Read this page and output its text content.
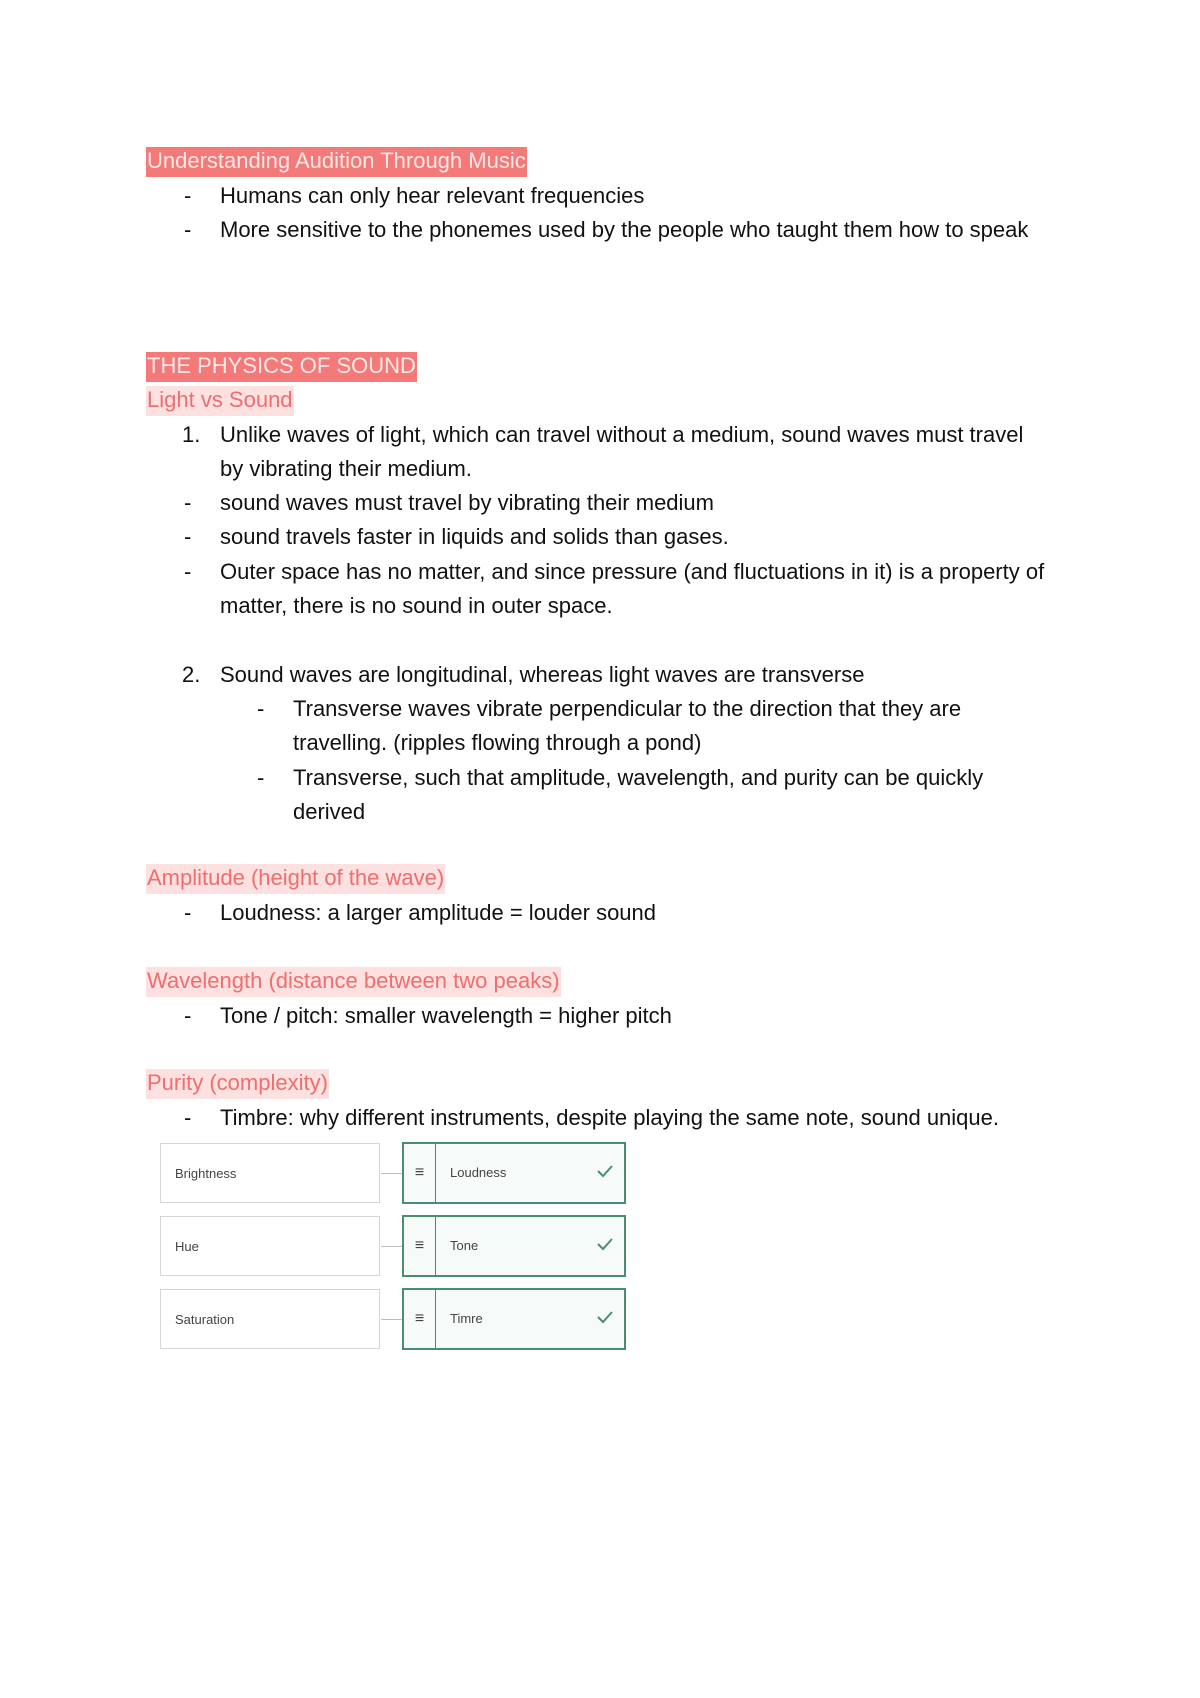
Understanding Audition Through Music
- Humans can only hear relevant frequencies
- More sensitive to the phonemes used by the people who taught them how to speak
THE PHYSICS OF SOUND
Light vs Sound
1. Unlike waves of light, which can travel without a medium, sound waves must travel
by vibrating their medium.
- sound waves must travel by vibrating their medium
- sound travels faster in liquids and solids than gases.
- Outer space has no matter, and since pressure (and fluctuations in it) is a property of
matter, there is no sound in outer space.
2. Sound waves are longitudinal, whereas light waves are transverse
- Transverse waves vibrate perpendicular to the direction that they are
travelling. (ripples flowing through a pond)
- Transverse, such that amplitude, wavelength, and purity can be quickly
derived
Amplitude (height of the wave)
- Loudness: a larger amplitude = louder sound
Wavelength (distance between two peaks)
- Tone / pitch: smaller wavelength = higher pitch
Purity (complexity)
- Timbre: why different instruments, despite playing the same note, sound unique.
Brightness	≡	Loudness
Hue	≡	Tone
Saturation	≡	Timre
